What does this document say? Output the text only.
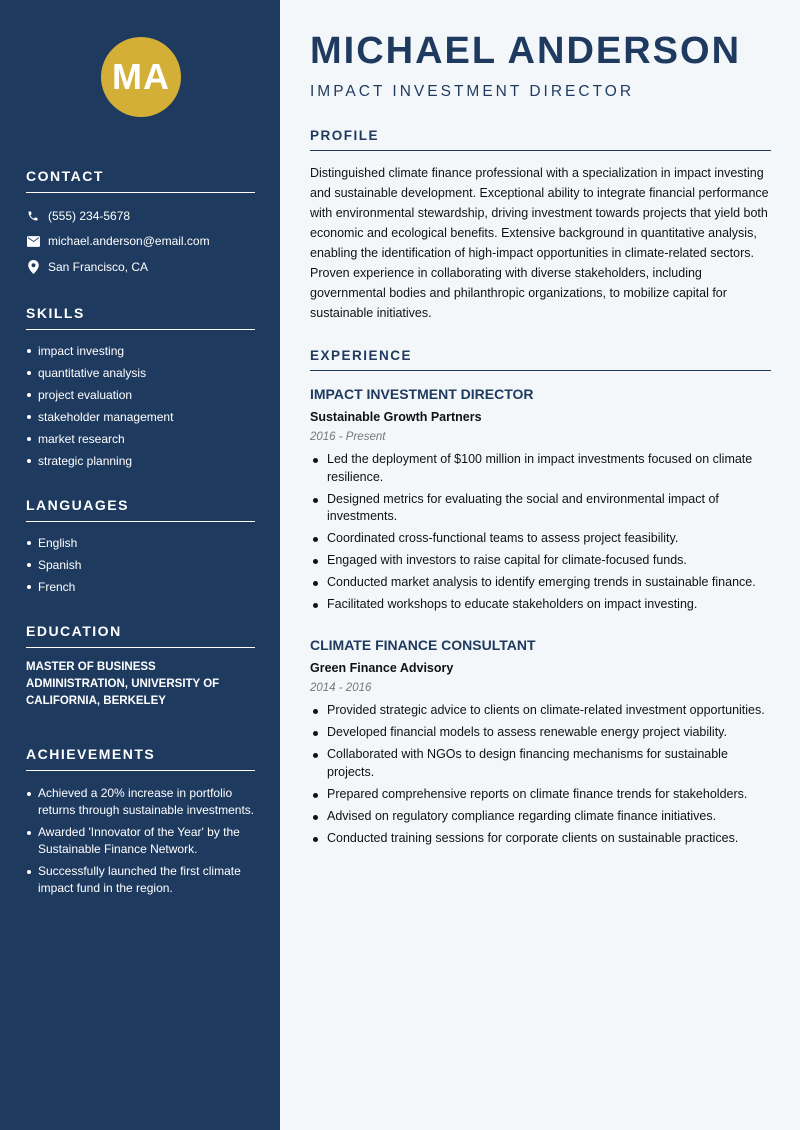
MA
CONTACT
(555) 234-5678
michael.anderson@email.com
San Francisco, CA
SKILLS
impact investing
quantitative analysis
project evaluation
stakeholder management
market research
strategic planning
LANGUAGES
English
Spanish
French
EDUCATION
MASTER OF BUSINESS ADMINISTRATION, UNIVERSITY OF CALIFORNIA, BERKELEY
ACHIEVEMENTS
Achieved a 20% increase in portfolio returns through sustainable investments.
Awarded 'Innovator of the Year' by the Sustainable Finance Network.
Successfully launched the first climate impact fund in the region.
MICHAEL ANDERSON
IMPACT INVESTMENT DIRECTOR
PROFILE
Distinguished climate finance professional with a specialization in impact investing and sustainable development. Exceptional ability to integrate financial performance with environmental stewardship, driving investment towards projects that yield both economic and ecological benefits. Extensive background in quantitative analysis, enabling the identification of high-impact opportunities in climate-related sectors. Proven experience in collaborating with diverse stakeholders, including governmental bodies and philanthropic organizations, to mobilize capital for sustainable initiatives.
EXPERIENCE
IMPACT INVESTMENT DIRECTOR
Sustainable Growth Partners
2016 - Present
Led the deployment of $100 million in impact investments focused on climate resilience.
Designed metrics for evaluating the social and environmental impact of investments.
Coordinated cross-functional teams to assess project feasibility.
Engaged with investors to raise capital for climate-focused funds.
Conducted market analysis to identify emerging trends in sustainable finance.
Facilitated workshops to educate stakeholders on impact investing.
CLIMATE FINANCE CONSULTANT
Green Finance Advisory
2014 - 2016
Provided strategic advice to clients on climate-related investment opportunities.
Developed financial models to assess renewable energy project viability.
Collaborated with NGOs to design financing mechanisms for sustainable projects.
Prepared comprehensive reports on climate finance trends for stakeholders.
Advised on regulatory compliance regarding climate finance initiatives.
Conducted training sessions for corporate clients on sustainable practices.
